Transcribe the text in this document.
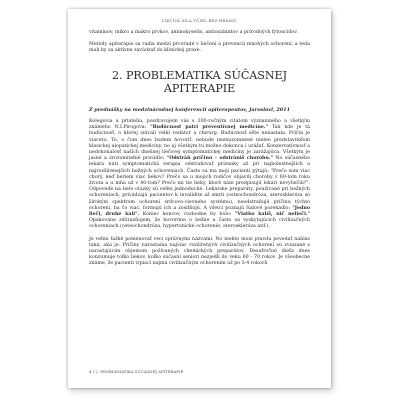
LIEČIVÁ SILA VČIEL BEZ HRANÍC

vitamínov, mikro a makro prvkov, aminokyselín, antioxidantov a prírodných fytoncídov.

Metódy apiterapie sa radia medzi prvoradé v liečení a prevencii mnohých ochorení, a teda mali by sa aktívne zavádzať do klinickej praxe.

2. PROBLEMATIKA SÚČASNEJ APITERAPIE
Z prednášky na medzinárodnej konferencii apiterapeutov, Jaroslavl, 2011

Kolegovia a priatelia, pozdravujem vás s 200-ročným citátom významného a všetkým známeho N.I.Pirogova: "Budúcnosť patrí preventívnej medicíne." Tak kde je tá budúcnosť, o ktorej snívali velkí vedátor a chirurg. Budúcnosť ešte nenastala. Príčin je viacero. To, o čom dnes budem hovoriť, nebude neznuzomnéné nielen predstaviteľom klasickej alopatickej medicíny, no aj všetkým tu možno dokonca i urážať. Konzervatívnosť a nedokonalosť naších dnešnej liečovej symptomatickej medicíny je zarážajúca. Všetkým je jasné a zrozumiteľné pravidlo: "Odstráň príčinu - odstrániš chorobu." No súčasného lekára núti symptomatická terapia odstraňovať príznaky až pri najbolestnejších a najrozšírenejších bežných ochoreniach. Často sa ma moji pacienti pýtajú: "Prečo som viac chorý, keď beriem viac liekov? Prečo sa u mojich rodičov objavili choroby v 60-tom roku života a u mňa už v 40-tom? Prečo mi tie lieky, ktoré nám predpisujú lekári nevyliečili?". Odpoveďe na tieto otázky sú veľmi jednoduché. Lekárske preparáty, používané pri bežných ochoreniach, privádzajú pacientov k invalidite až smrti (osteochondróza, ateroskleróza so širokým spektrom ochorení srdcovo-cievneho systému), neodstraňujú príčinu týchto ochorení, ba čo viac, formujú ich a zosilňujú. A všetci poznajú ľudové porekadlo: "Jedno lieči, druhé kalí". Koniec koncov, rozhodne by bolo: "Vlatko kalíš, nič nelieči." Opakovane zdôrazňujem, že hovoríme o bežne a často sa vyskytujúcich civilizačných ochoreniach (osteochondróza, hypertonické ochorenie, ateroskleróza atď.).

Je veľmi ťažké pomenovať veci správnymi názvami. No niekto musí pravdu povedať nahlas taká, aká je. Príčiny narastania najviac rozšírených civilizačných ochorení sú zviazané s narastajúcim objemom požívaných chemických preparátov. Desaťročné dieťa dnes konzumuje toľko liekov, koľko súčasní seniori nezjedli do veku 60 - 70 rokov. Je všeobecne známe, že pacienti trpiaci najmä civilizačným ochorením už po 3-4 rokoch

4 | 2. PROBLEMATIKA SÚČASNEJ APITERAPIE
